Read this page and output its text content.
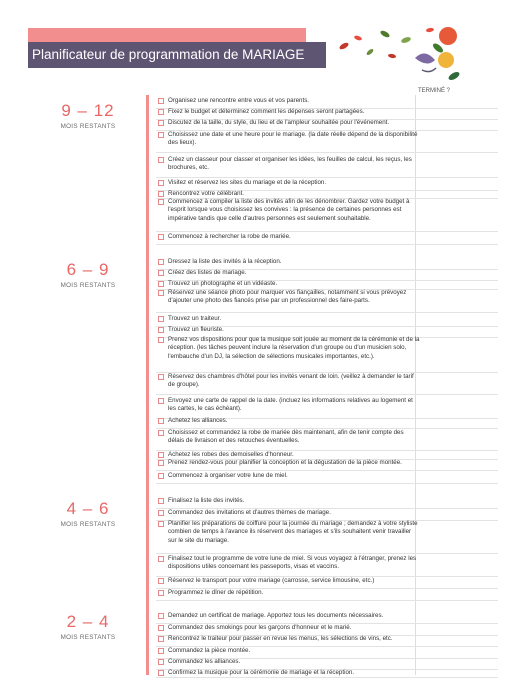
Planificateur de programmation de MARIAGE
TERMINÉ ?
9 – 12
MOIS RESTANTS
6 – 9
MOIS RESTANTS
4 – 6
MOIS RESTANTS
2 – 4
MOIS RESTANTS
Organisez une rencontre entre vous et vos parents.
Fixez le budget et déterminez comment les dépenses seront partagées.
Discutez de la taille, du style, du lieu et de l'ampleur souhaitée pour l'événement.
Choisissez une date et une heure pour le mariage. (la date réelle dépend de la disponibilité des lieux).
Créez un classeur pour classer et organiser les idées, les feuilles de calcul, les reçus, les brochures, etc.
Visitez et réservez les sites du mariage et de la réception.
Rencontrez votre célébrant.
Commencez à compiler la liste des invités afin de les dénombrer. Gardez votre budget à l'esprit lorsque vous choisissez les convives : la présence de certaines personnes est impérative tandis que celle d'autres personnes est seulement souhaitable.
Commencez à rechercher la robe de mariée.
Dressez la liste des invités à la réception.
Créez des listes de mariage.
Trouvez un photographe et un vidéaste.
Réservez une séance photo pour marquer vos fiançailles, notamment si vous prévoyez d'ajouter une photo des fiancés prise par un professionnel des faire-parts.
Trouvez un traiteur.
Trouvez un fleuriste.
Prenez vos dispositions pour que la musique soit jouée au moment de la cérémonie et de la réception. (les tâches peuvent inclure la réservation d'un groupe ou d'un musicien solo, l'embauche d'un DJ, la sélection de sélections musicales importantes, etc.).
Réservez des chambres d'hôtel pour les invités venant de loin. (veillez à demander le tarif de groupe).
Envoyez une carte de rappel de la date. (incluez les informations relatives au logement et les cartes, le cas échéant).
Achetez les alliances.
Choisissez et commandez la robe de mariée dès maintenant, afin de tenir compte des délais de livraison et des retouches éventuelles.
Achetez les robes des demoiselles d'honneur.
Prenez rendez-vous pour planifier la conception et la dégustation de la pièce montée.
Commencez à organiser votre lune de miel.
Finalisez la liste des invités.
Commandez des invitations et d'autres thèmes de mariage.
Planifier les préparations de coiffure pour la journée du mariage ; demandez à votre styliste combien de temps à l'avance ils réservent des mariages et s'ils souhaitent venir travailler sur le site du mariage.
Finalisez tout le programme de votre lune de miel. Si vous voyagez à l'étranger, prenez les dispositions utiles concernant les passeports, visas et vaccins.
Réservez le transport pour votre mariage (carrosse, service limousine, etc.)
Programmez le dîner de répétition.
Demandez un certificat de mariage. Apportez tous les documents nécessaires.
Commandez des smokings pour les garçons d'honneur et le marié.
Rencontrez le traiteur pour passer en revue les menus, les sélections de vins, etc.
Commandez la pièce montée.
Commandez les alliances.
Confirmez la musique pour la cérémonie de mariage et la réception.
